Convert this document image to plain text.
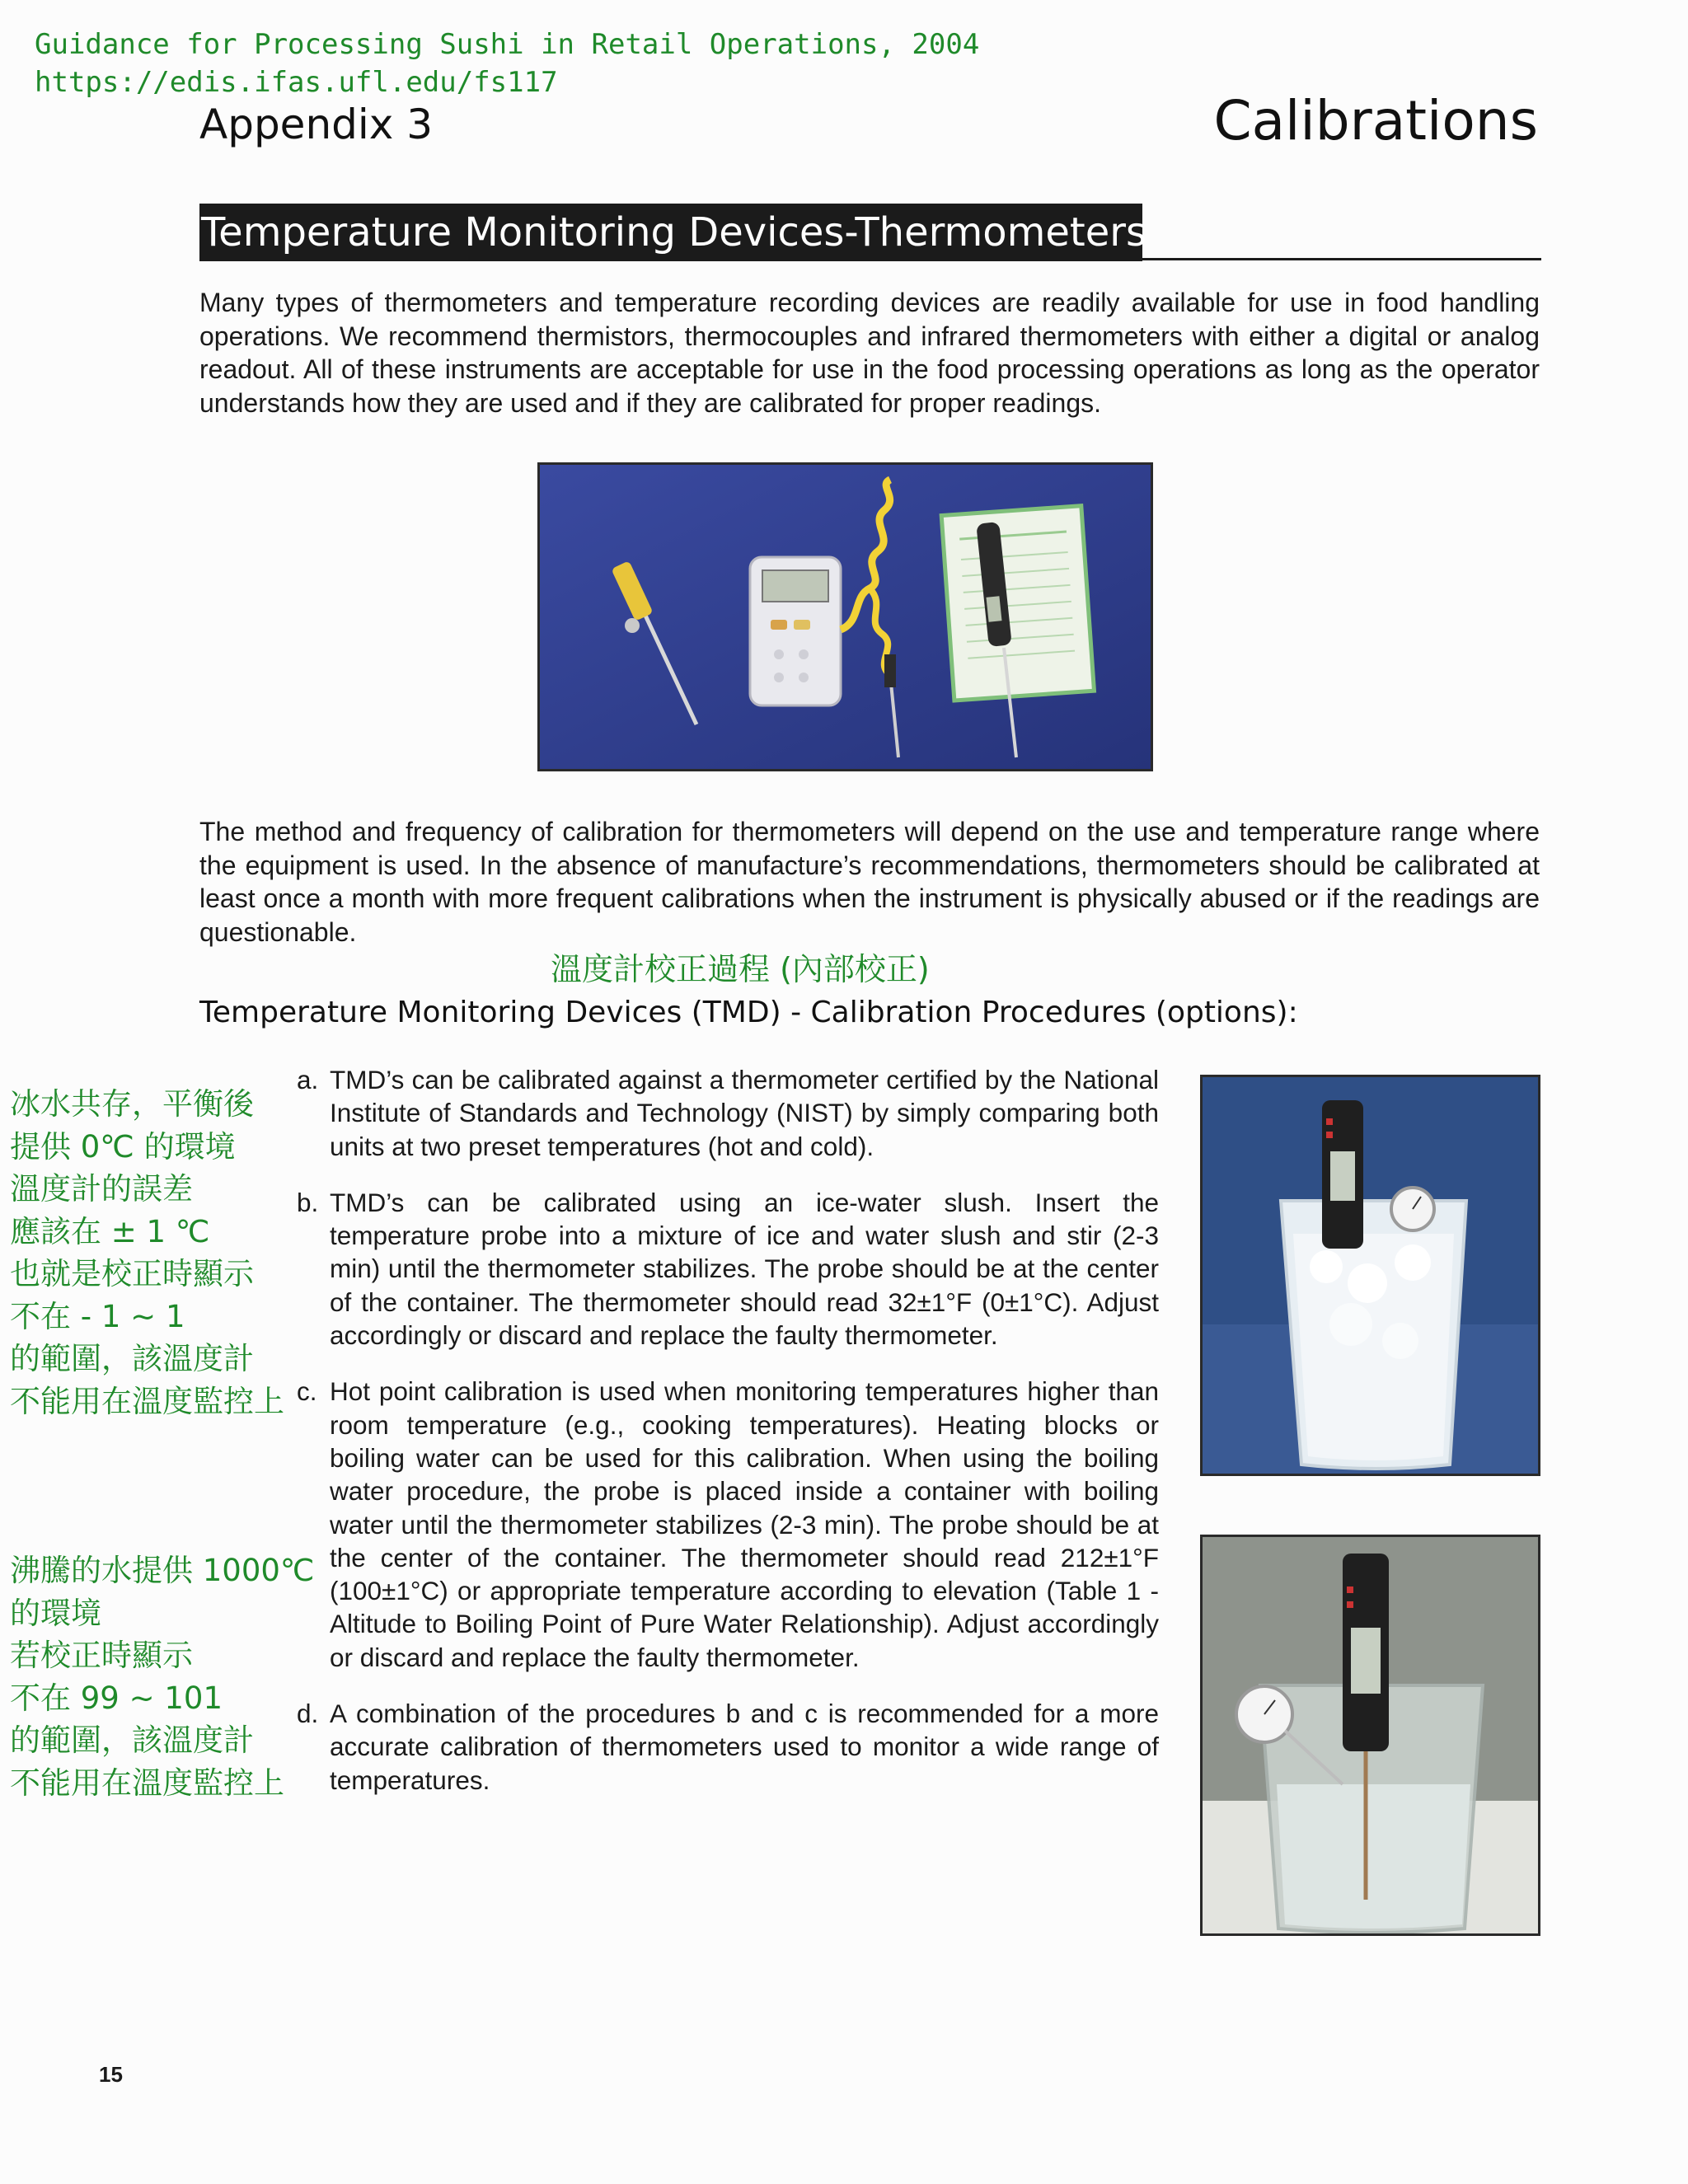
Guidance for Processing Sushi in Retail Operations, 2004
https://edis.ifas.ufl.edu/fs117
Appendix 3	Calibrations
Temperature Monitoring Devices-Thermometers
Many types of thermometers and temperature recording devices are readily available for use in food handling operations. We recommend thermistors, thermocouples and infrared thermometers with either a digital or analog readout. All of these instruments are acceptable for use in the food processing operations as long as the operator understands how they are used and if they are calibrated for proper readings.
The method and frequency of calibration for thermometers will depend on the use and temperature range where the equipment is used. In the absence of manufacture’s recommendations, thermometers should be calibrated at least once a month with more frequent calibrations when the instrument is physically abused or if the readings are questionable.
溫度計校正過程 (內部校正)
Temperature Monitoring Devices (TMD) - Calibration Procedures (options):
冰水共存，平衡後
提供 0℃ 的環境
溫度計的誤差
應該在 ± 1 ℃
也就是校正時顯示
不在 - 1 ~ 1
的範圍，該溫度計
不能用在溫度監控上
沸騰的水提供 1000℃
的環境
若校正時顯示
不在 99 ~ 101
的範圍，該溫度計
不能用在溫度監控上
a. TMD’s can be calibrated against a thermometer certified by the National Institute of Standards and Technology (NIST) by simply comparing both units at two preset temperatures (hot and cold).
b. TMD’s can be calibrated using an ice-water slush. Insert the temperature probe into a mixture of ice and water slush and stir (2-3 min) until the thermometer stabilizes. The probe should be at the center of the container. The thermometer should read 32±1°F (0±1°C). Adjust accordingly or discard and replace the faulty thermometer.
c. Hot point calibration is used when monitoring temperatures higher than room temperature (e.g., cooking temperatures). Heating blocks or boiling water can be used for this calibration. When using the boiling water procedure, the probe is placed inside a container with boiling water until the thermometer stabilizes (2-3 min). The probe should be at the center of the container. The thermometer should read 212±1°F (100±1°C) or appropriate temperature according to elevation (Table 1 - Altitude to Boiling Point of Pure Water Relationship). Adjust accordingly or discard and replace the faulty thermometer.
d. A combination of the procedures b and c is recommended for a more accurate calibration of thermometers used to monitor a wide range of temperatures.
15
